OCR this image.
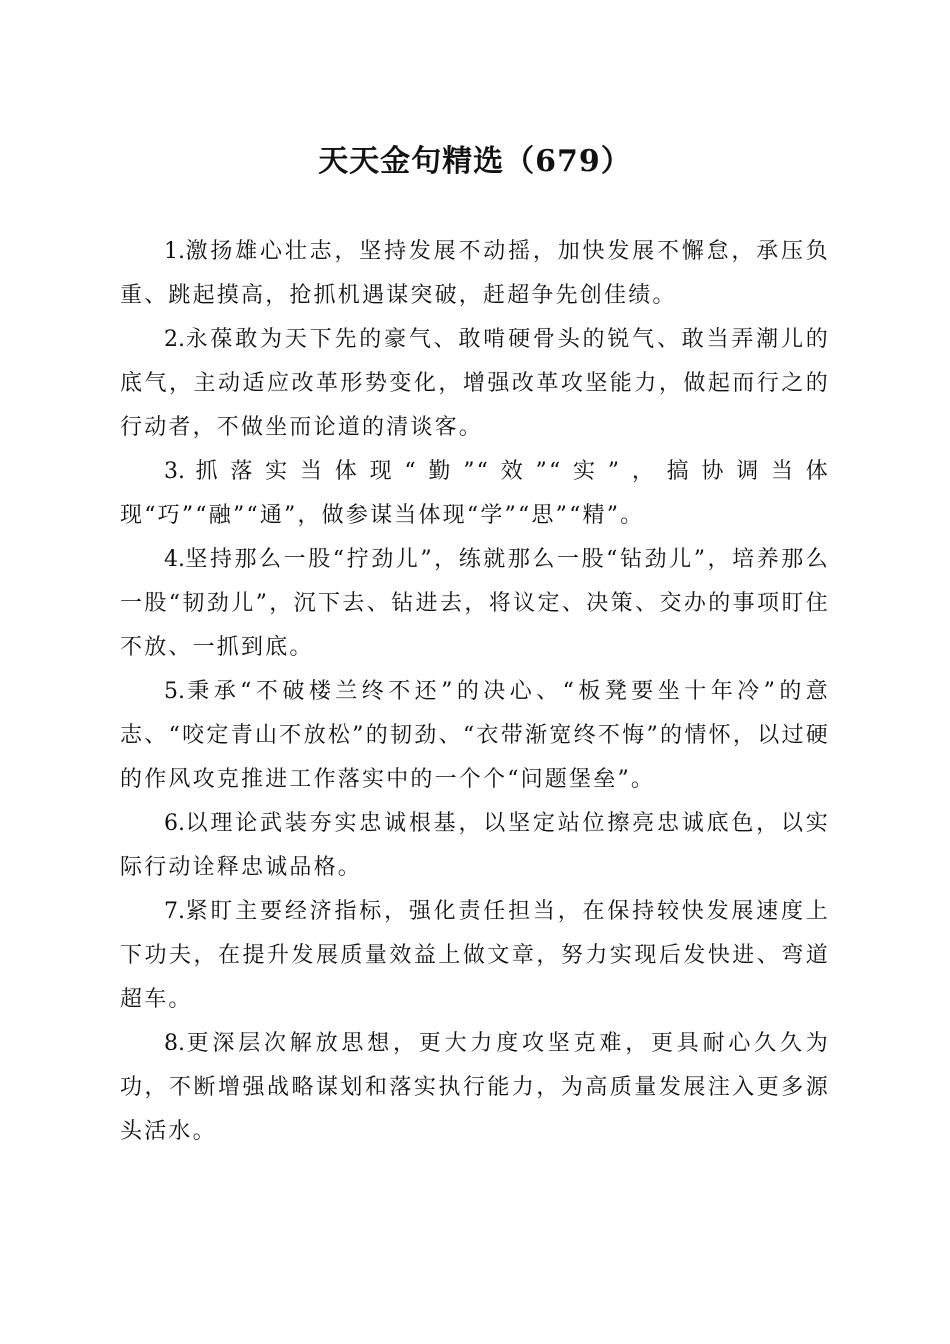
天天金句精选（679）

1.激扬雄心壮志，坚持发展不动摇，加快发展不懈怠，承压负重、跳起摸高，抢抓机遇谋突破，赶超争先创佳绩。

2.永葆敢为天下先的豪气、敢啃硬骨头的锐气、敢当弄潮儿的底气，主动适应改革形势变化，增强改革攻坚能力，做起而行之的行动者，不做坐而论道的清谈客。

3.抓落实当体现“勤”“效”“实”，搞协调当体现“巧”“融”“通”，做参谋当体现“学”“思”“精”。

4.坚持那么一股“拧劲儿”，练就那么一股“钻劲儿”，培养那么一股“韧劲儿”，沉下去、钻进去，将议定、决策、交办的事项盯住不放、一抓到底。

5.秉承“不破楼兰终不还”的决心、“板凳要坐十年冷”的意志、“咬定青山不放松”的韧劲、“衣带渐宽终不悔”的情怀，以过硬的作风攻克推进工作落实中的一个个“问题堡垒”。

6.以理论武装夯实忠诚根基，以坚定站位擦亮忠诚底色，以实际行动诠释忠诚品格。

7.紧盯主要经济指标，强化责任担当，在保持较快发展速度上下功夫，在提升发展质量效益上做文章，努力实现后发快进、弯道超车。

8.更深层次解放思想，更大力度攻坚克难，更具耐心久久为功，不断增强战略谋划和落实执行能力，为高质量发展注入更多源头活水。
